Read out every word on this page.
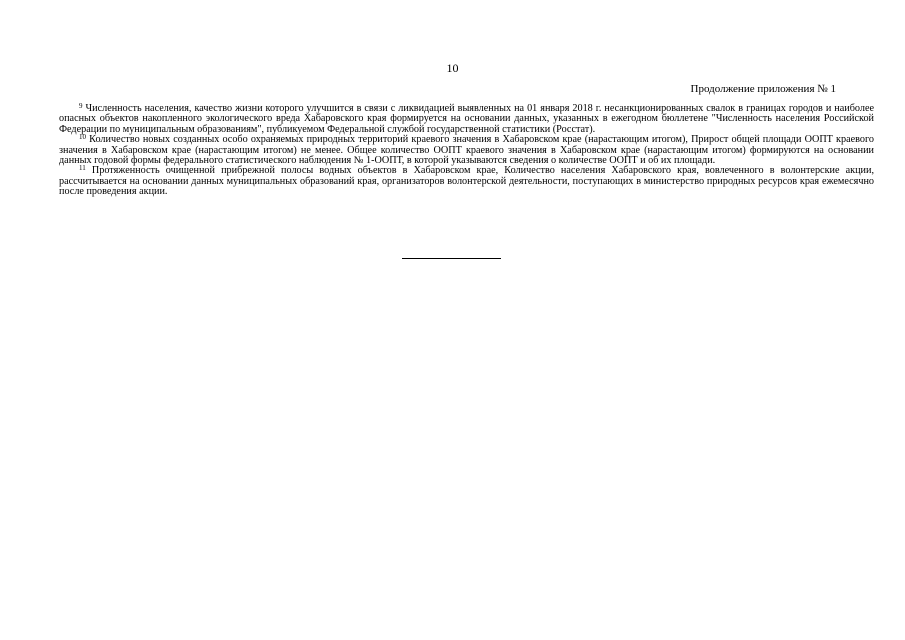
10
Продолжение приложения № 1

$^9$ Численность населения, качество жизни которого улучшится в связи с ликвидацией выявленных на 01 января 2018 г. несанкционированных свалок в границах городов и наиболее опасных объектов накопленного экологического вреда Хабаровского края формируется на основании данных, указанных в ежегодном бюллетене "Численность населения Российской Федерации по муниципальным образованиям", публикуемом Федеральной службой государственной статистики (Росстат).

$^{10}$ Количество новых созданных особо охраняемых природных территорий краевого значения в Хабаровском крае (нарастающим итогом), Прирост общей площади ООПТ краевого значения в Хабаровском крае (нарастающим итогом) не менее. Общее количество ООПТ краевого значения в Хабаровском крае (нарастающим итогом) формируются на основании данных годовой формы федерального статистического наблюдения № 1-ООПТ, в которой указываются сведения о количестве ООПТ и об их площади.

$^{11}$ Протяженность очищенной прибрежной полосы водных объектов в Хабаровском крае, Количество населения Хабаровского края, вовлеченного в волонтерские акции, рассчитывается на основании данных муниципальных образований края, организаторов волонтерской деятельности, поступающих в министерство природных ресурсов края ежемесячно после проведения акции.
